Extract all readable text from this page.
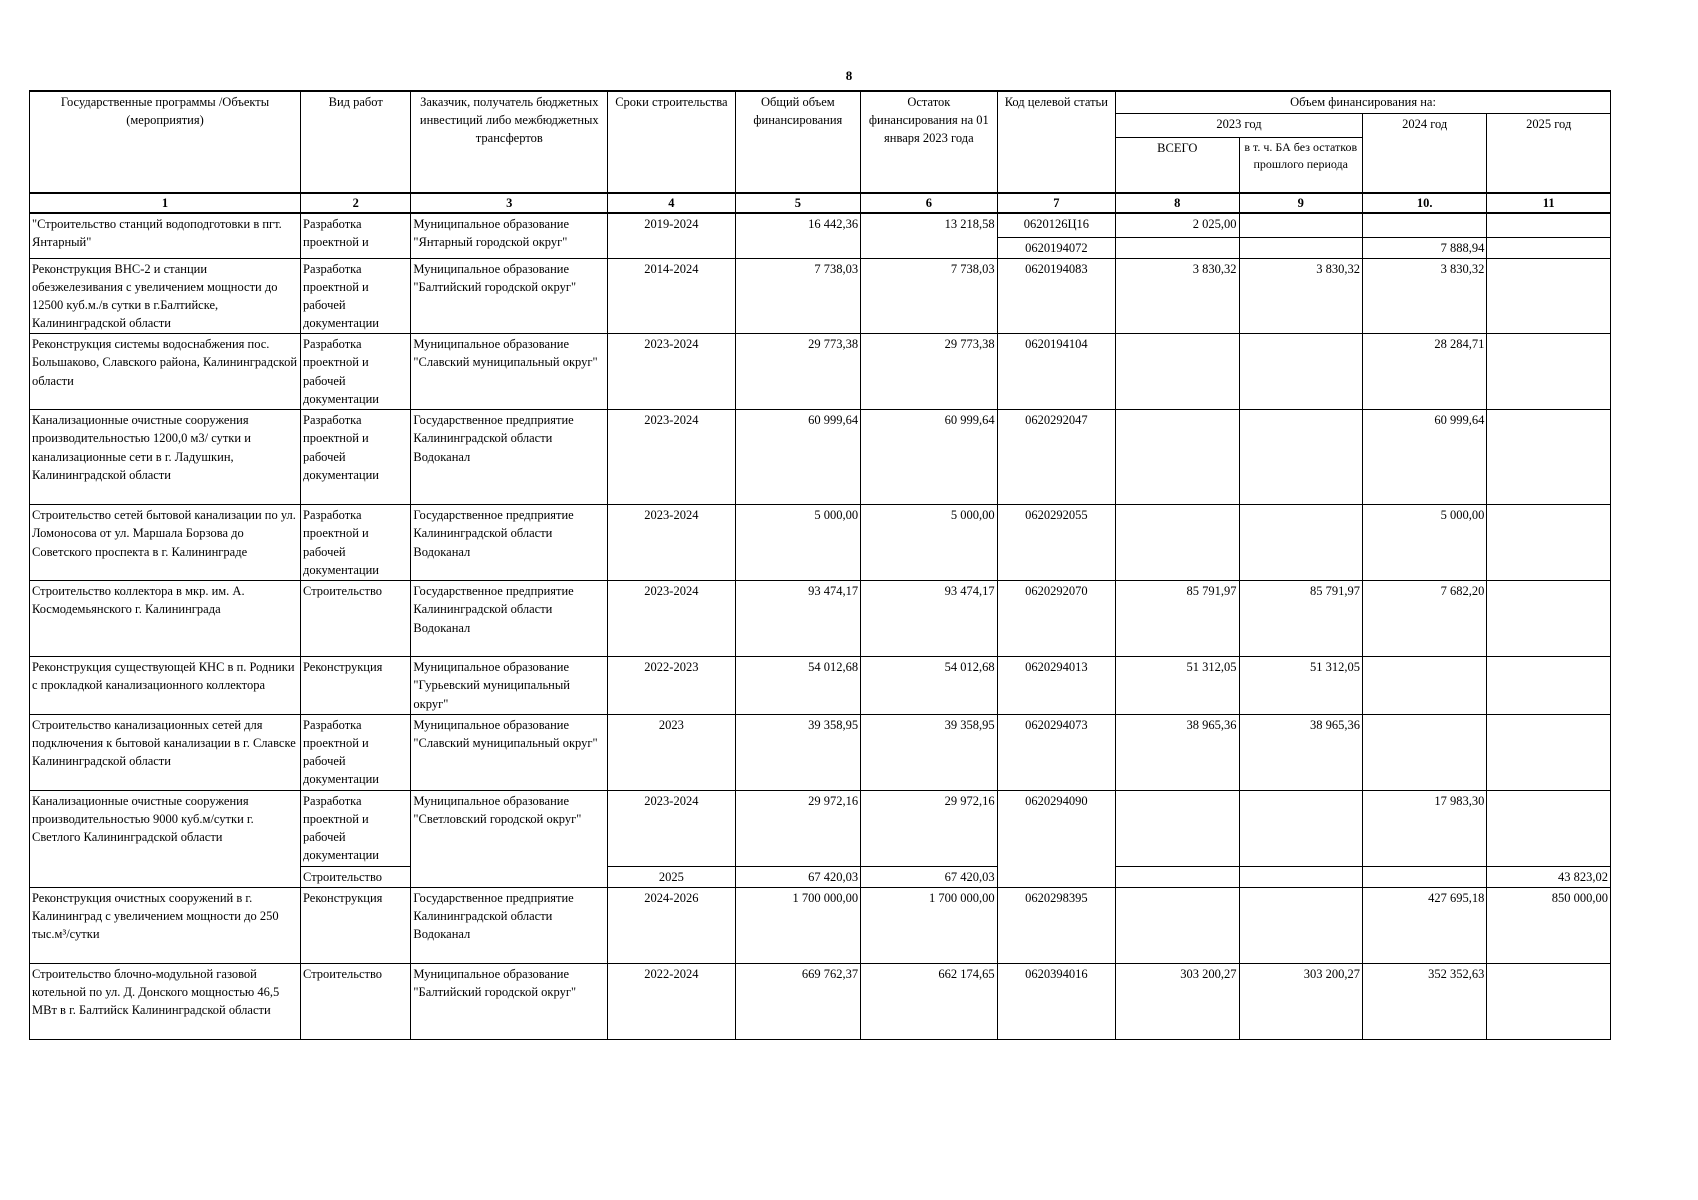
8
Государственные программы /Объекты (мероприятия)	Вид работ	Заказчик, получатель бюджетных инвестиций либо межбюджетных трансфертов	Сроки строительства	Общий объем финансирования	Остаток финансирования на 01 января 2023 года	Код целевой статьи	Объем финансирования на:			
							2023 год		2024 год	2025 год
							ВСЕГО	в т. ч. БА без остатков прошлого периода		
1	2	3	4	5	6	7	8	9	10.	11
"Строительство станций водоподготовки в пгт. Янтарный"	Разработка проектной и	Муниципальное образование "Янтарный городской округ"	2019-2024	16 442,36	13 218,58	0620126Ц16	2 025,00			
						0620194072			7 888,94	
Реконструкция ВНС-2 и станции обезжелезивания с увеличением мощности до 12500 куб.м./в сутки в г.Балтийске, Калининградской области	Разработка проектной и рабочей документации	Муниципальное образование "Балтийский городской округ"	2014-2024	7 738,03	7 738,03	0620194083	3 830,32	3 830,32	3 830,32	
Реконструкция системы водоснабжения пос. Большаково, Славского района, Калининградской области	Разработка проектной и рабочей документации	Муниципальное образование "Славский муниципальный округ"	2023-2024	29 773,38	29 773,38	0620194104			28 284,71	
Канализационные очистные сооружения производительностью 1200,0 м3/ сутки и канализационные сети в г. Ладушкин, Калининградской области	Разработка проектной и рабочей документации	Государственное предприятие Калининградской области Водоканал	2023-2024	60 999,64	60 999,64	0620292047			60 999,64	
Строительство сетей бытовой канализации по ул. Ломоносова от ул. Маршала Борзова до Советского проспекта в г. Калининграде	Разработка проектной и рабочей документации	Государственное предприятие Калининградской области Водоканал	2023-2024	5 000,00	5 000,00	0620292055			5 000,00	
Строительство коллектора в мкр. им. А. Космодемьянского г. Калининграда	Строительство	Государственное предприятие Калининградской области Водоканал	2023-2024	93 474,17	93 474,17	0620292070	85 791,97	85 791,97	7 682,20	
Реконструкция существующей КНС в п. Родники с прокладкой канализационного коллектора	Реконструкция	Муниципальное образование "Гурьевский муниципальный округ"	2022-2023	54 012,68	54 012,68	0620294013	51 312,05	51 312,05		
Строительство канализационных сетей для подключения к бытовой канализации в г. Славске Калининградской области	Разработка проектной и рабочей документации	Муниципальное образование "Славский муниципальный округ"	2023	39 358,95	39 358,95	0620294073	38 965,36	38 965,36		
Канализационные очистные сооружения производительностью 9000 куб.м/сутки г. Светлого Калининградской области	Разработка проектной и рабочей документации	Муниципальное образование "Светловский городской округ"	2023-2024	29 972,16	29 972,16	0620294090			17 983,30	
	Строительство		2025	67 420,03	67 420,03					43 823,02
Реконструкция очистных сооружений в г. Калининград с увеличением мощности до 250 тыс.м³/сутки	Реконструкция	Государственное предприятие Калининградской области Водоканал	2024-2026	1 700 000,00	1 700 000,00	0620298395			427 695,18	850 000,00
Строительство блочно-модульной газовой котельной по ул. Д. Донского мощностью 46,5 МВт в г. Балтийск Калининградской области	Строительство	Муниципальное образование "Балтийский городской округ"	2022-2024	669 762,37	662 174,65	0620394016	303 200,27	303 200,27	352 352,63	
